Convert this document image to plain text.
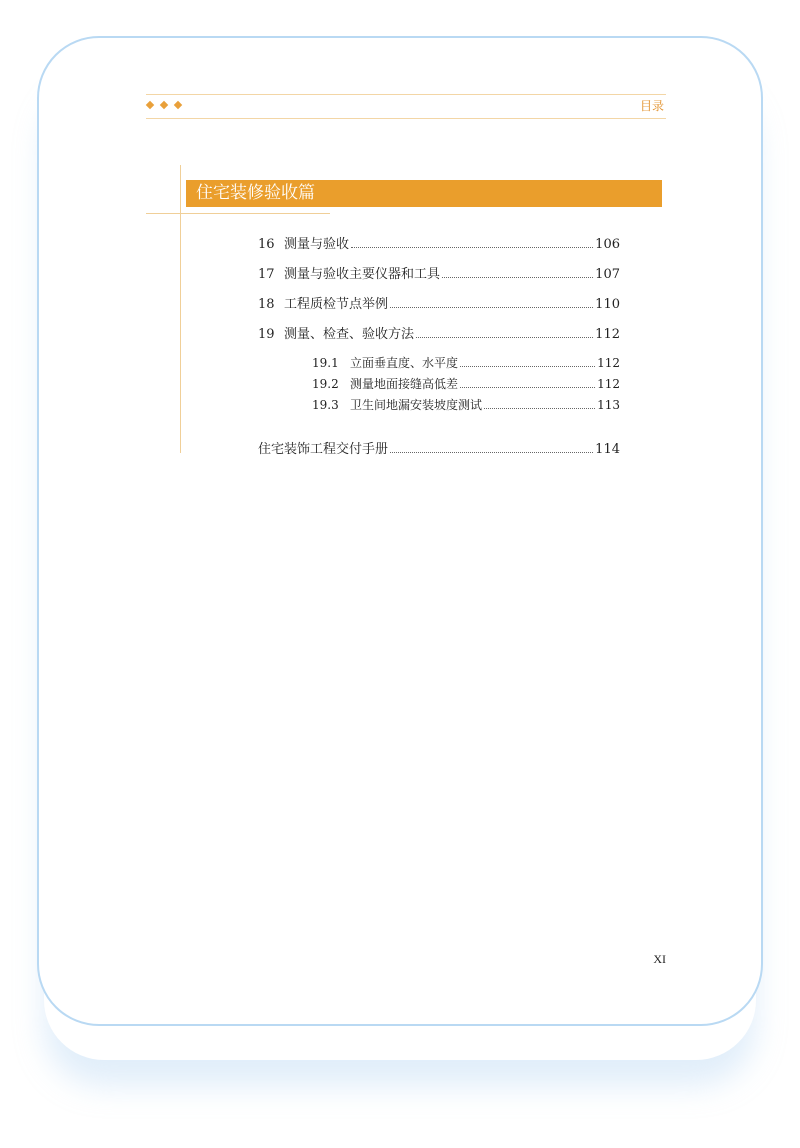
目录
住宅装修验收篇
16 测量与验收	106
17 测量与验收主要仪器和工具	107
18 工程质检节点举例	110
19 测量、检查、验收方法	112
19.1 立面垂直度、水平度	112
19.2 测量地面接缝高低差	112
19.3 卫生间地漏安装坡度测试	113
住宅装饰工程交付手册	114
XI
